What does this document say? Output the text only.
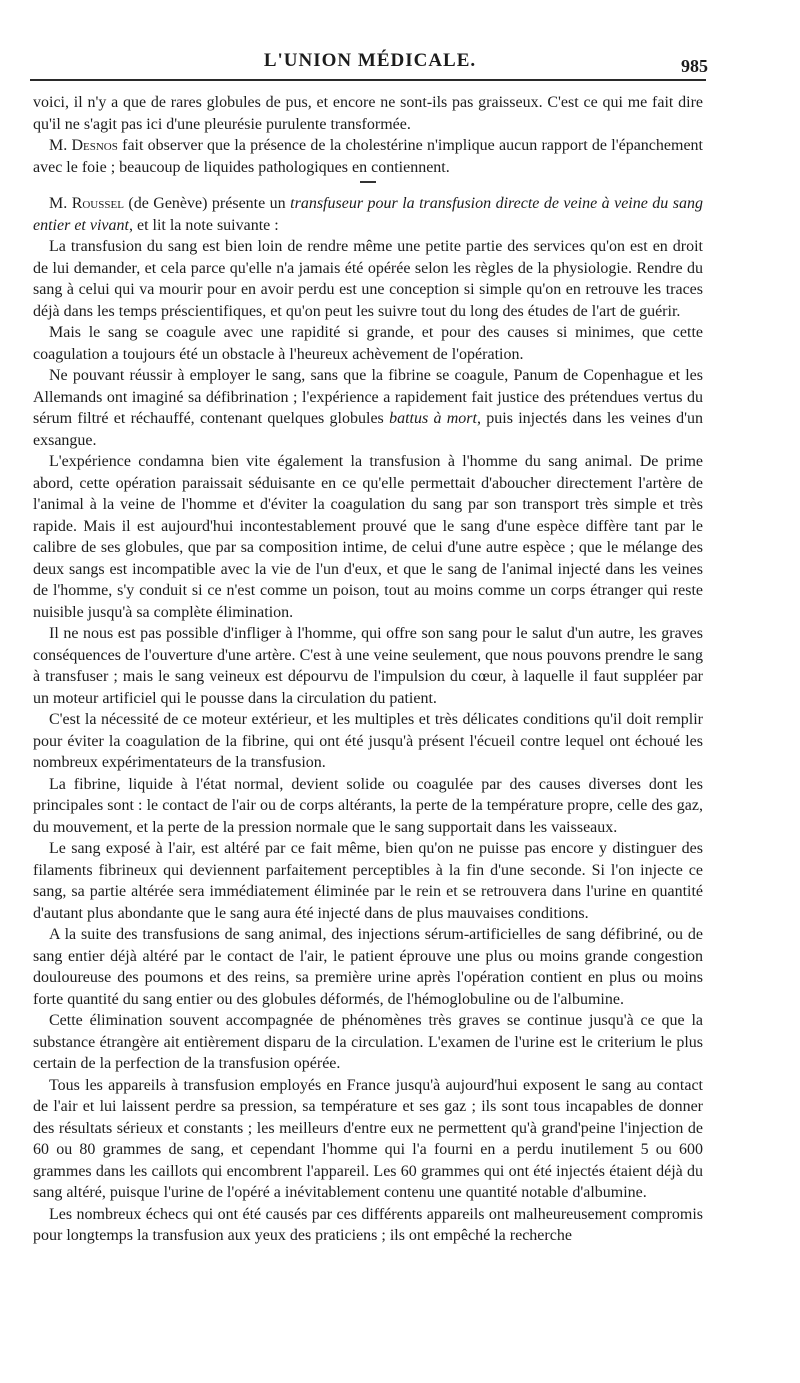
L'UNION MÉDICALE.	985

voici, il n'y a que de rares globules de pus, et encore ne sont-ils pas graisseux. C'est ce qui me fait dire qu'il ne s'agit pas ici d'une pleurésie purulente transformée.

M. Desnos fait observer que la présence de la cholestérine n'implique aucun rapport de l'épanchement avec le foie ; beaucoup de liquides pathologiques en contiennent.

M. Roussel (de Genève) présente un transfuseur pour la transfusion directe de veine à veine du sang entier et vivant, et lit la note suivante :

La transfusion du sang est bien loin de rendre même une petite partie des services qu'on est en droit de lui demander, et cela parce qu'elle n'a jamais été opérée selon les règles de la physiologie. Rendre du sang à celui qui va mourir pour en avoir perdu est une conception si simple qu'on en retrouve les traces déjà dans les temps préscientifiques, et qu'on peut les suivre tout du long des études de l'art de guérir.

Mais le sang se coagule avec une rapidité si grande, et pour des causes si minimes, que cette coagulation a toujours été un obstacle à l'heureux achèvement de l'opération.

Ne pouvant réussir à employer le sang, sans que la fibrine se coagule, Panum de Copenhague et les Allemands ont imaginé sa défibrination ; l'expérience a rapidement fait justice des prétendues vertus du sérum filtré et réchauffé, contenant quelques globules battus à mort, puis injectés dans les veines d'un exsangue.

L'expérience condamna bien vite également la transfusion à l'homme du sang animal. De prime abord, cette opération paraissait séduisante en ce qu'elle permettait d'aboucher directement l'artère de l'animal à la veine de l'homme et d'éviter la coagulation du sang par son transport très simple et très rapide. Mais il est aujourd'hui incontestablement prouvé que le sang d'une espèce diffère tant par le calibre de ses globules, que par sa composition intime, de celui d'une autre espèce ; que le mélange des deux sangs est incompatible avec la vie de l'un d'eux, et que le sang de l'animal injecté dans les veines de l'homme, s'y conduit si ce n'est comme un poison, tout au moins comme un corps étranger qui reste nuisible jusqu'à sa complète élimination.

Il ne nous est pas possible d'infliger à l'homme, qui offre son sang pour le salut d'un autre, les graves conséquences de l'ouverture d'une artère. C'est à une veine seulement, que nous pouvons prendre le sang à transfuser ; mais le sang veineux est dépourvu de l'impulsion du cœur, à laquelle il faut suppléer par un moteur artificiel qui le pousse dans la circulation du patient.

C'est la nécessité de ce moteur extérieur, et les multiples et très délicates conditions qu'il doit remplir pour éviter la coagulation de la fibrine, qui ont été jusqu'à présent l'écueil contre lequel ont échoué les nombreux expérimentateurs de la transfusion.

La fibrine, liquide à l'état normal, devient solide ou coagulée par des causes diverses dont les principales sont : le contact de l'air ou de corps altérants, la perte de la température propre, celle des gaz, du mouvement, et la perte de la pression normale que le sang supportait dans les vaisseaux.

Le sang exposé à l'air, est altéré par ce fait même, bien qu'on ne puisse pas encore y distinguer des filaments fibrineux qui deviennent parfaitement perceptibles à la fin d'une seconde. Si l'on injecte ce sang, sa partie altérée sera immédiatement éliminée par le rein et se retrouvera dans l'urine en quantité d'autant plus abondante que le sang aura été injecté dans de plus mauvaises conditions.

A la suite des transfusions de sang animal, des injections sérum-artificielles de sang défibriné, ou de sang entier déjà altéré par le contact de l'air, le patient éprouve une plus ou moins grande congestion douloureuse des poumons et des reins, sa première urine après l'opération contient en plus ou moins forte quantité du sang entier ou des globules déformés, de l'hémoglobuline ou de l'albumine.

Cette élimination souvent accompagnée de phénomènes très graves se continue jusqu'à ce que la substance étrangère ait entièrement disparu de la circulation. L'examen de l'urine est le criterium le plus certain de la perfection de la transfusion opérée.

Tous les appareils à transfusion employés en France jusqu'à aujourd'hui exposent le sang au contact de l'air et lui laissent perdre sa pression, sa température et ses gaz ; ils sont tous incapables de donner des résultats sérieux et constants ; les meilleurs d'entre eux ne permettent qu'à grand'peine l'injection de 60 ou 80 grammes de sang, et cependant l'homme qui l'a fourni en a perdu inutilement 5 ou 600 grammes dans les caillots qui encombrent l'appareil. Les 60 grammes qui ont été injectés étaient déjà du sang altéré, puisque l'urine de l'opéré a inévitablement contenu une quantité notable d'albumine.

Les nombreux échecs qui ont été causés par ces différents appareils ont malheureusement compromis pour longtemps la transfusion aux yeux des praticiens ; ils ont empêché la recherche
